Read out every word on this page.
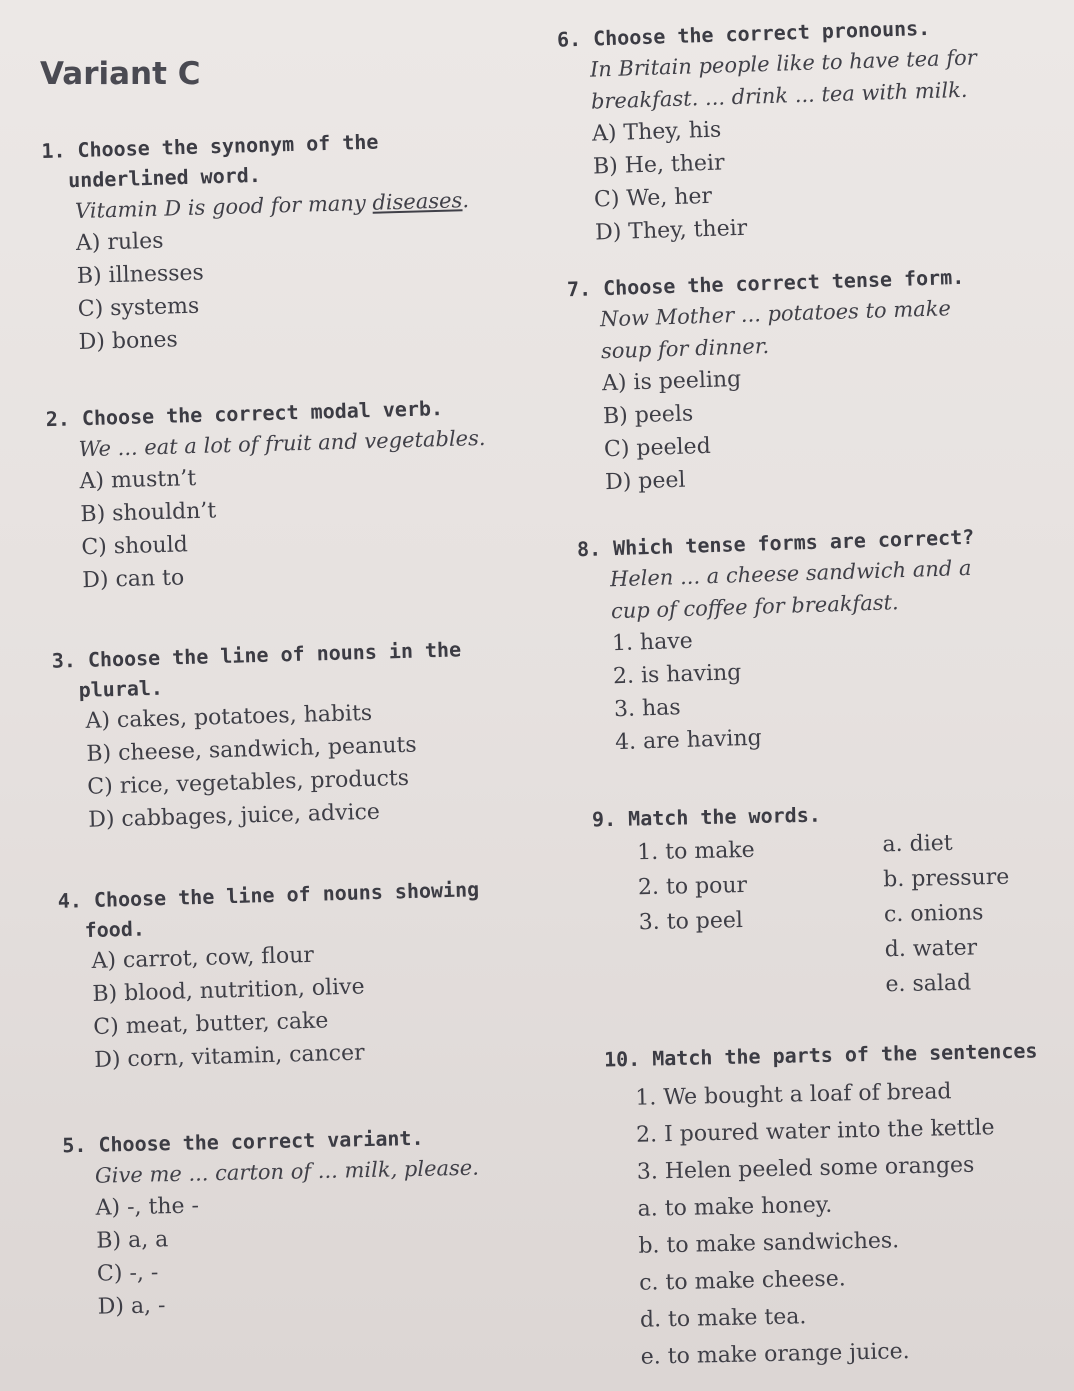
Variant C
1. Choose the synonym of the
underlined word.
Vitamin D is good for many diseases.
A) rules
B) illnesses
C) systems
D) bones
2. Choose the correct modal verb.
We ... eat a lot of fruit and vegetables.
A) mustn’t
B) shouldn’t
C) should
D) can to
3. Choose the line of nouns in the
plural.
A) cakes, potatoes, habits
B) cheese, sandwich, peanuts
C) rice, vegetables, products
D) cabbages, juice, advice
4. Choose the line of nouns showing
food.
A) carrot, cow, flour
B) blood, nutrition, olive
C) meat, butter, cake
D) corn, vitamin, cancer
5. Choose the correct variant.
Give me ... carton of ... milk, please.
A) -, the -
B) a, a
C) -, -
D) a, -
6. Choose the correct pronouns.
In Britain people like to have tea for
breakfast. ... drink ... tea with milk.
A) They, his
B) He, their
C) We, her
D) They, their
7. Choose the correct tense form.
Now Mother ... potatoes to make
soup for dinner.
A) is peeling
B) peels
C) peeled
D) peel
8. Which tense forms are correct?
Helen ... a cheese sandwich and a
cup of coffee for breakfast.
1. have
2. is having
3. has
4. are having
9. Match the words.
1. to make
2. to pour
3. to peel
a. diet
b. pressure
c. onions
d. water
e. salad
10. Match the parts of the sentences
1. We bought a loaf of bread
2. I poured water into the kettle
3. Helen peeled some oranges
a. to make honey.
b. to make sandwiches.
c. to make cheese.
d. to make tea.
e. to make orange juice.
